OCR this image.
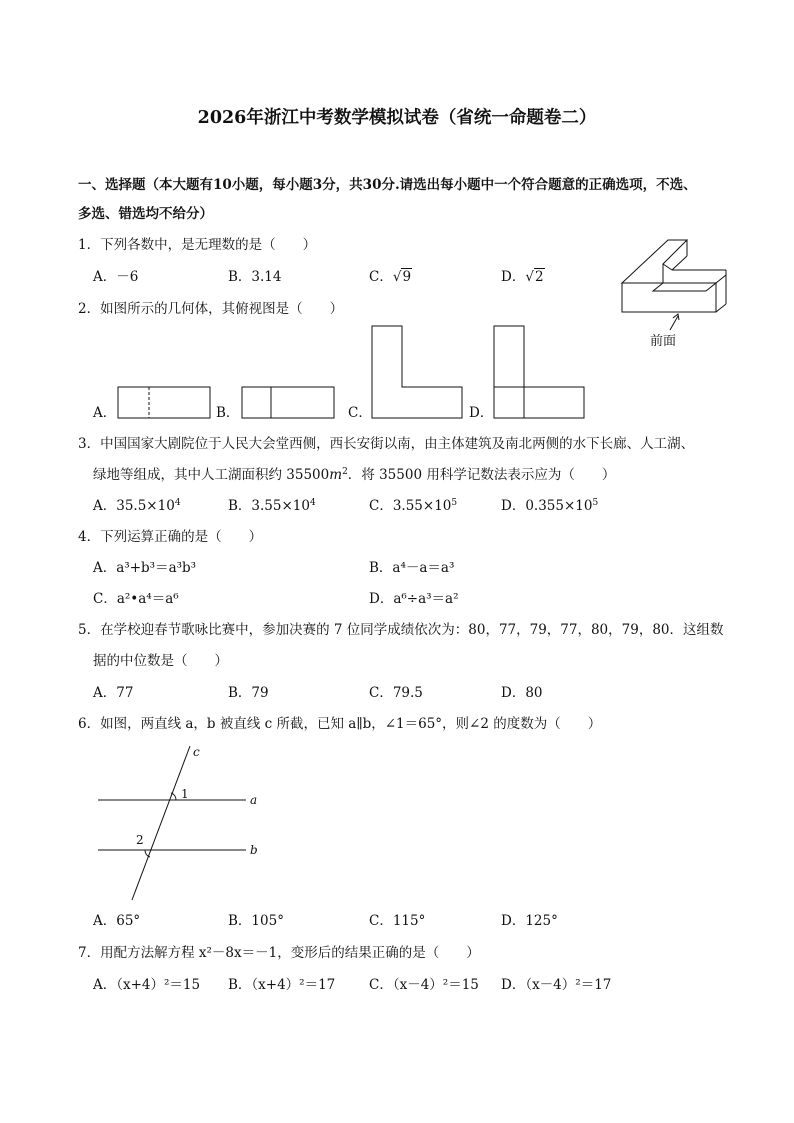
2026年浙江中考数学模拟试卷（省统一命题卷二）
一、选择题（本大题有10小题，每小题3分，共30分.请选出每小题中一个符合题意的正确选项，不选、
多选、错选均不给分）
1．下列各数中，是无理数的是（　　）
A．－6	B．3.14	C．√9	D．√2
前面
2．如图所示的几何体，其俯视图是（　　）
A．	B．	C．	D．
3．中国国家大剧院位于人民大会堂西侧，西长安街以南，由主体建筑及南北两侧的水下长廊、人工湖、
绿地等组成，其中人工湖面积约 $35500m^2$．将 35500 用科学记数法表示应为（　　）
A．$35.5\times 10^4$	B．$3.55\times 10^4$	C．$3.55\times 10^5$	D．$0.355\times 10^5$
4．下列运算正确的是（　　）
A．a³+b³＝a³b³	B．a⁴－a＝a³
C．a²•a⁴＝a⁶	D．a⁶÷a³＝a²
5．在学校迎春节歌咏比赛中，参加决赛的 7 位同学成绩依次为：80，77，79，77，80，79，80．这组数
据的中位数是（　　）
A．77	B．79	C．79.5	D．80
6．如图，两直线 a，b 被直线 c 所截，已知 a∥b，∠1＝65°，则∠2 的度数为（　　）
c
1	a
2
b
A．65°	B．105°	C．115°	D．125°
7．用配方法解方程 x²－8x＝－1，变形后的结果正确的是（　　）
A．（x+4）²＝15 B．（x+4）²＝17 C．（x－4）²＝15 D．（x－4）²＝17
